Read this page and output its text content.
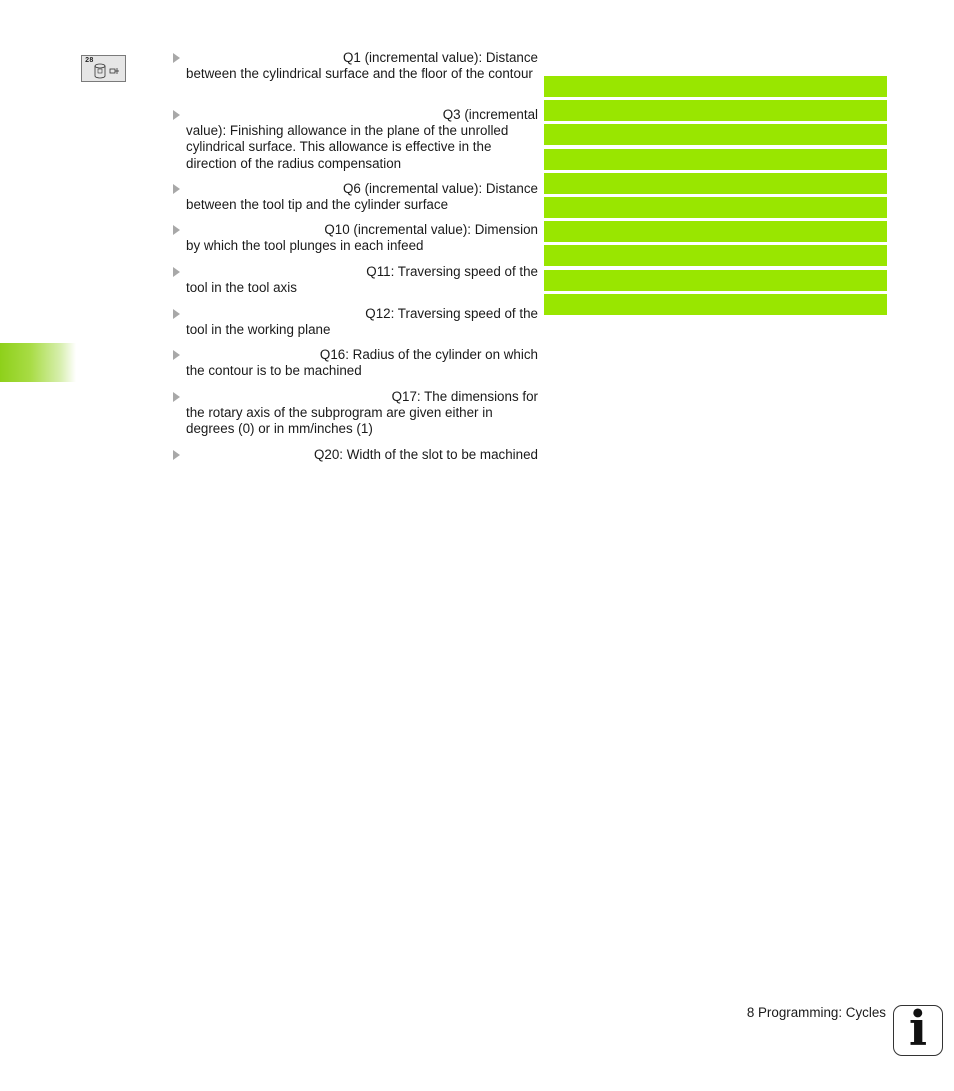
28	Q1 (incremental value): Distance
between the cylindrical surface and the floor of the contour
Q3 (incremental
value): Finishing allowance in the plane of the unrolled cylindrical surface. This allowance is effective in the direction of the radius compensation
Q6 (incremental value): Distance
between the tool tip and the cylinder surface
Q10 (incremental value): Dimension
by which the tool plunges in each infeed
Q11: Traversing speed of the
tool in the tool axis
Q12: Traversing speed of the
tool in the working plane
Q16: Radius of the cylinder on which
the contour is to be machined
Q17: The dimensions for
the rotary axis of the subprogram are given either in degrees (0) or in mm/inches (1)
Q20: Width of the slot to be machined
8 Programming: Cycles i
